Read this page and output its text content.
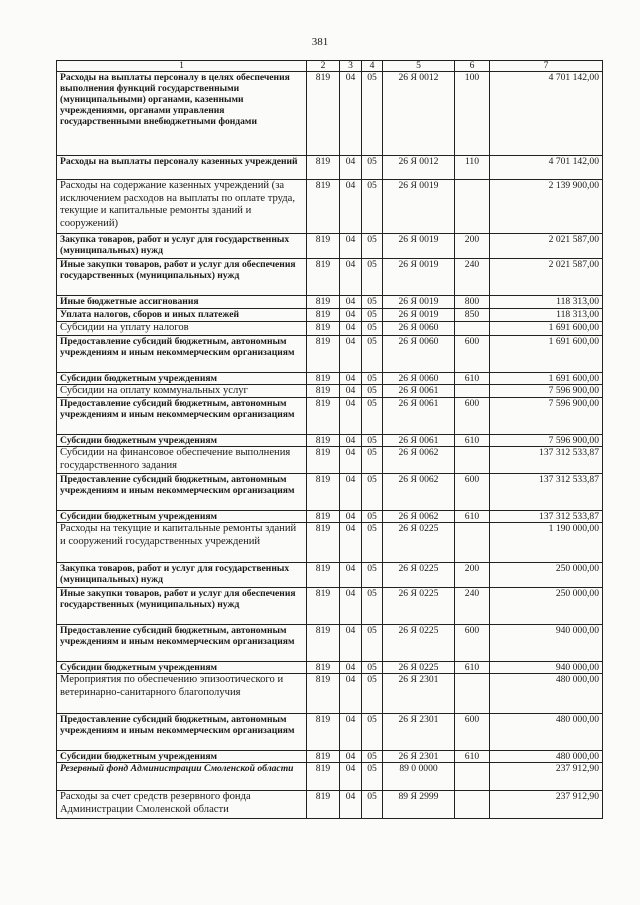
381
1	2	3	4	5	6	7
Расходы на выплаты персоналу в целях обеспечения выполнения функций государственными (муниципальными) органами, казенными учреждениями, органами управления государственными внебюджетными фондами	819	04	05	26 Я 0012	100	4 701 142,00
Расходы на выплаты персоналу казенных учреждений	819	04	05	26 Я 0012	110	4 701 142,00
Расходы на содержание казенных учреждений (за исключением расходов на выплаты по оплате труда, текущие и капитальные ремонты зданий и сооружений)	819	04	05	26 Я 0019		2 139 900,00
Закупка товаров, работ и услуг для государственных (муниципальных) нужд	819	04	05	26 Я 0019	200	2 021 587,00
Иные закупки товаров, работ и услуг для обеспечения государственных (муниципальных) нужд	819	04	05	26 Я 0019	240	2 021 587,00
Иные бюджетные ассигнования	819	04	05	26 Я 0019	800	118 313,00
Уплата налогов, сборов и иных платежей	819	04	05	26 Я 0019	850	118 313,00
Субсидии на уплату налогов	819	04	05	26 Я 0060		1 691 600,00
Предоставление субсидий бюджетным, автономным учреждениям и иным некоммерческим организациям	819	04	05	26 Я 0060	600	1 691 600,00
Субсидии бюджетным учреждениям	819	04	05	26 Я 0060	610	1 691 600,00
Субсидии на оплату коммунальных услуг	819	04	05	26 Я 0061		7 596 900,00
Предоставление субсидий бюджетным, автономным учреждениям и иным некоммерческим организациям	819	04	05	26 Я 0061	600	7 596 900,00
Субсидии бюджетным учреждениям	819	04	05	26 Я 0061	610	7 596 900,00
Субсидии на финансовое обеспечение выполнения государственного задания	819	04	05	26 Я 0062		137 312 533,87
Предоставление субсидий бюджетным, автономным учреждениям и иным некоммерческим организациям	819	04	05	26 Я 0062	600	137 312 533,87
Субсидии бюджетным учреждениям	819	04	05	26 Я 0062	610	137 312 533,87
Расходы на текущие и капитальные ремонты зданий и сооружений государственных учреждений	819	04	05	26 Я 0225		1 190 000,00
Закупка товаров, работ и услуг для государственных (муниципальных) нужд	819	04	05	26 Я 0225	200	250 000,00
Иные закупки товаров, работ и услуг для обеспечения государственных (муниципальных) нужд	819	04	05	26 Я 0225	240	250 000,00
Предоставление субсидий бюджетным, автономным учреждениям и иным некоммерческим организациям	819	04	05	26 Я 0225	600	940 000,00
Субсидии бюджетным учреждениям	819	04	05	26 Я 0225	610	940 000,00
Мероприятия по обеспечению эпизоотического и ветеринарно-санитарного благополучия	819	04	05	26 Я 2301		480 000,00
Предоставление субсидий бюджетным, автономным учреждениям и иным некоммерческим организациям	819	04	05	26 Я 2301	600	480 000,00
Субсидии бюджетным учреждениям	819	04	05	26 Я 2301	610	480 000,00
Резервный фонд Администрации Смоленской области	819	04	05	89 0 0000		237 912,90
Расходы за счет средств резервного фонда Администрации Смоленской области	819	04	05	89 Я 2999		237 912,90
